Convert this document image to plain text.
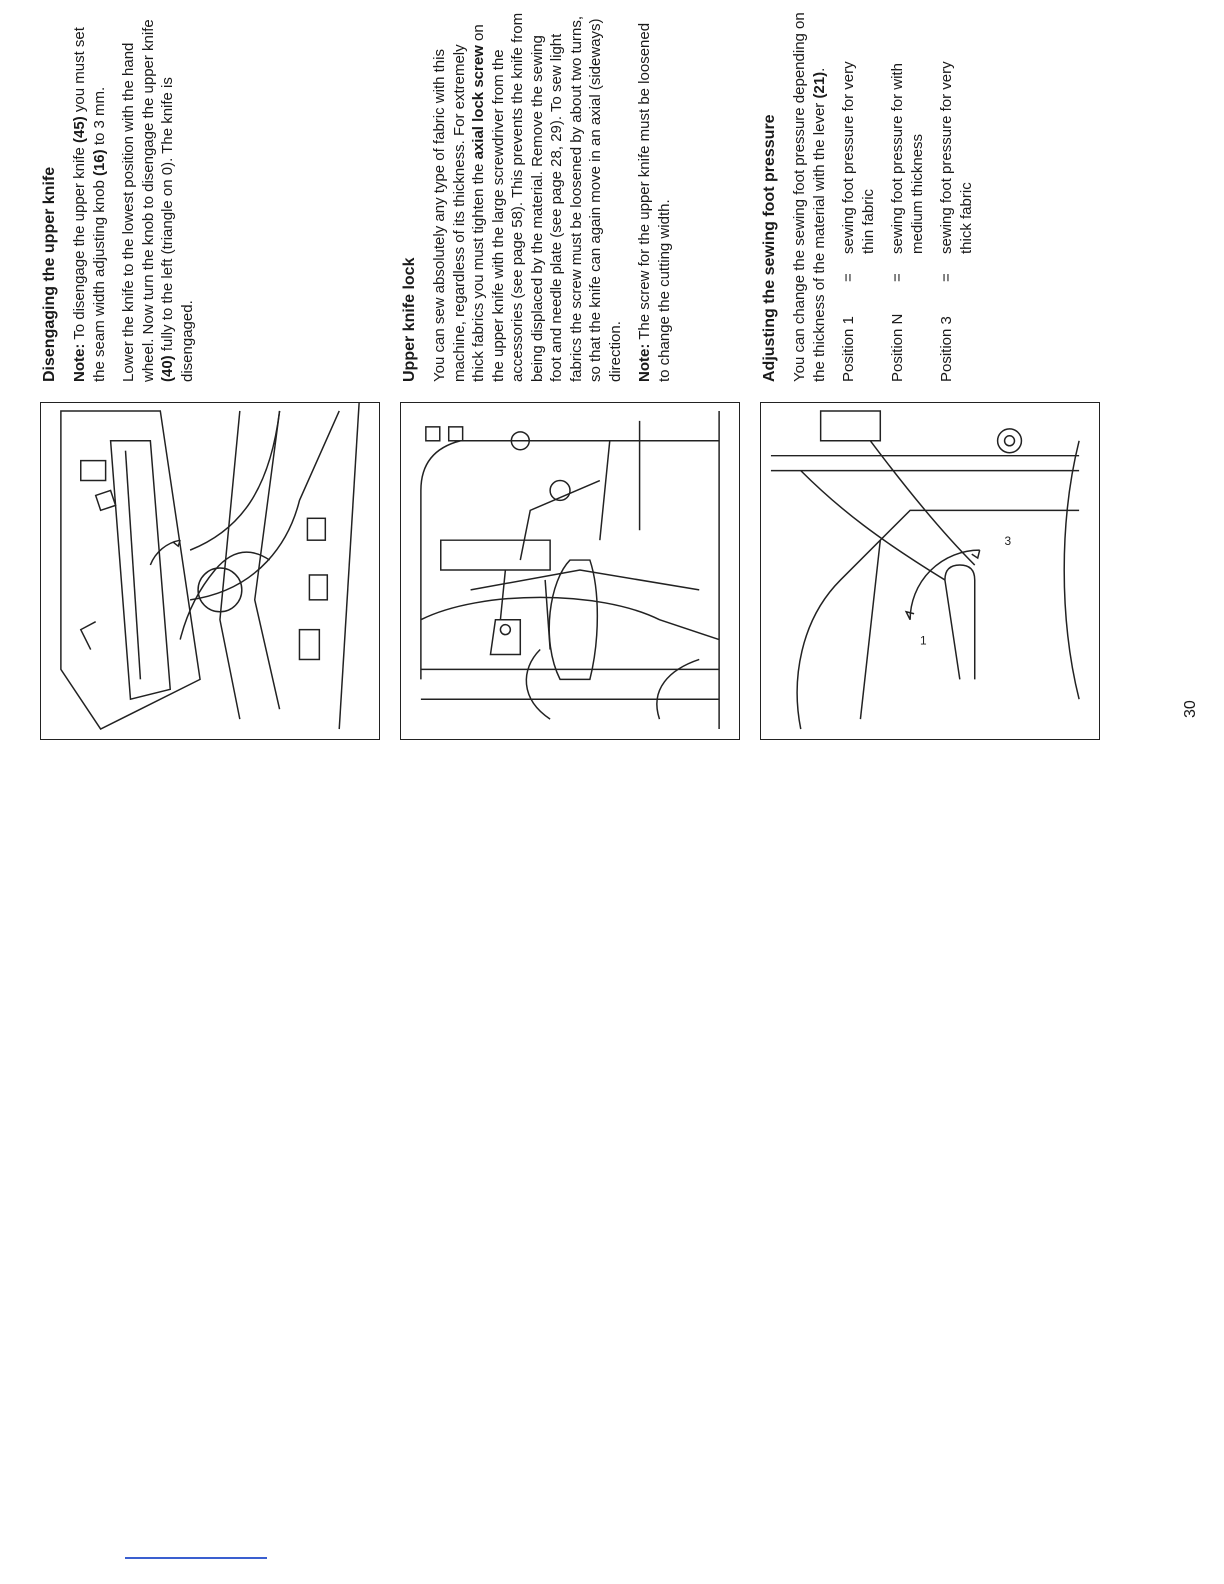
Disengaging the upper knife Note: To disengage the upper knife (45) you must set the seam width adjusting knob (16) to 3 mm. Lower the knife to the lowest position with the hand wheel. Now turn the knob to disengage the upper knife (40) fully to the left (triangle on 0). The knife is disengaged.	Upper knife lock You can sew absolutely any type of fabric with this machine, regardless of its thickness. For extremely thick fabrics you must tighten the axial lock screw on the upper knife with the large screwdriver from the accessories (see page 58). This prevents the knife from being displaced by the material. Remove the sewing foot and needle plate (see page 28, 29). To sew light fabrics the screw must be loosened by about two turns, so that the knife can again move in an axial (sideways) direction. Note: The screw for the upper knife must be loosened to change the cutting width.

1
3
Adjusting the sewing foot pressure You can change the sewing foot pressure depending on the thickness of the material with the lever (21).

Position 1
=
sewing foot pressure for very thin fabric
Position N
=
sewing foot pressure for with medium thickness
Position 3
=
sewing foot pressure for very thick fabric
30
